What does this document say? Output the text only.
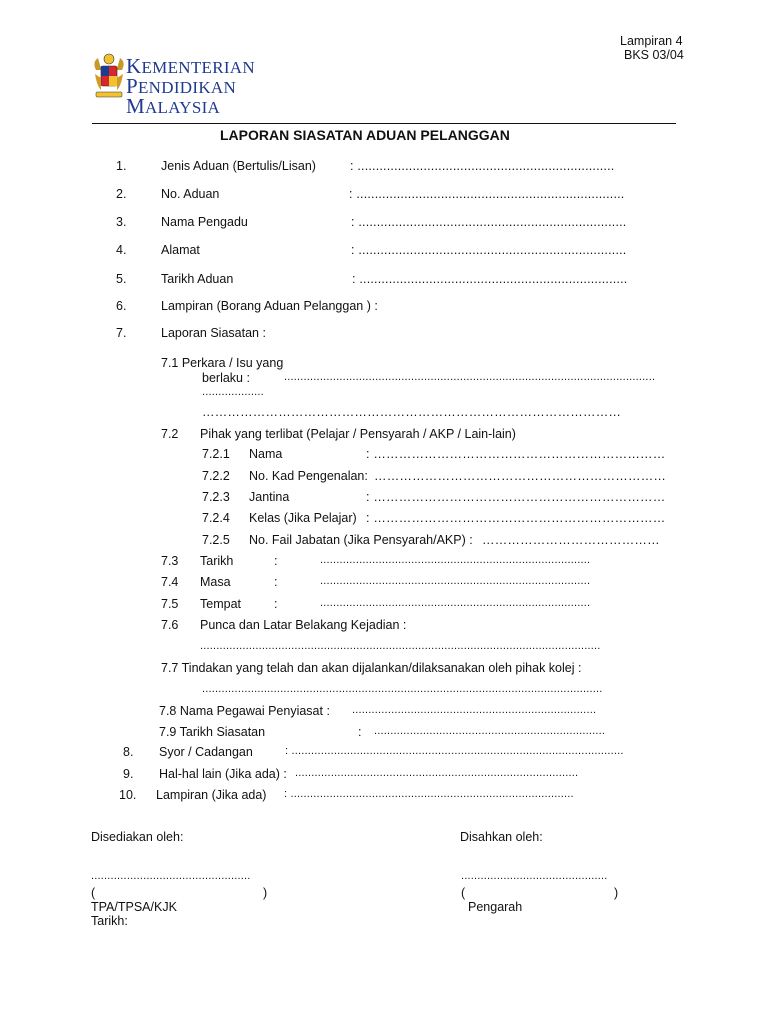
Lampiran 4
BKS 03/04
KEMENTERIAN
PENDIDIKAN
MALAYSIA
LAPORAN SIASATAN ADUAN PELANGGAN
1.	Jenis Aduan (Bertulis/Lisan)	: ......................................................................
2.	No. Aduan	: .........................................................................
3.	Nama Pengadu	: .........................................................................
4.	Alamat	: .........................................................................
5.	Tarikh Aduan	: .........................................................................
6.	Lampiran (Borang Aduan Pelanggan ) :
7.	Laporan Siasatan :
7.1 Perkara / Isu yang
berlaku :	..................................................................................................................
...................
………………………………………………………………………………………
7.2 Pihak yang terlibat (Pelajar / Pensyarah / AKP / Lain-lain)
7.2.1 Nama	: ……………………………………………………………
7.2.2 No. Kad Pengenalan: ……………………………………………………………
7.2.3 Jantina	: ……………………………………………………………
7.2.4 Kelas (Jika Pelajar) : ……………………………………………………………
7.2.5 No. Fail Jabatan (Jika Pensyarah/AKP) : ……………………………………
7.3 Tarikh	:	...................................................................................
7.4 Masa	:	...................................................................................
7.5 Tempat	:	...................................................................................
7.6 Punca dan Latar Belakang Kejadian :
...........................................................................................................................
7.7 Tindakan yang telah dan akan dijalankan/dilaksanakan oleh pihak kolej :
...........................................................................................................................
7.8 Nama Pegawai Penyiasat : ...........................................................................
7.9 Tarikh Siasatan	: .......................................................................
8. Syor / Cadangan	: ......................................................................................................
9. Hal-hal lain (Jika ada) : .......................................................................................
10. Lampiran (Jika ada) : .......................................................................................
Disediakan oleh:
.................................................
(	)
TPA/TPSA/KJK
Tarikh:
Disahkan oleh:
.............................................
(	)
Pengarah
